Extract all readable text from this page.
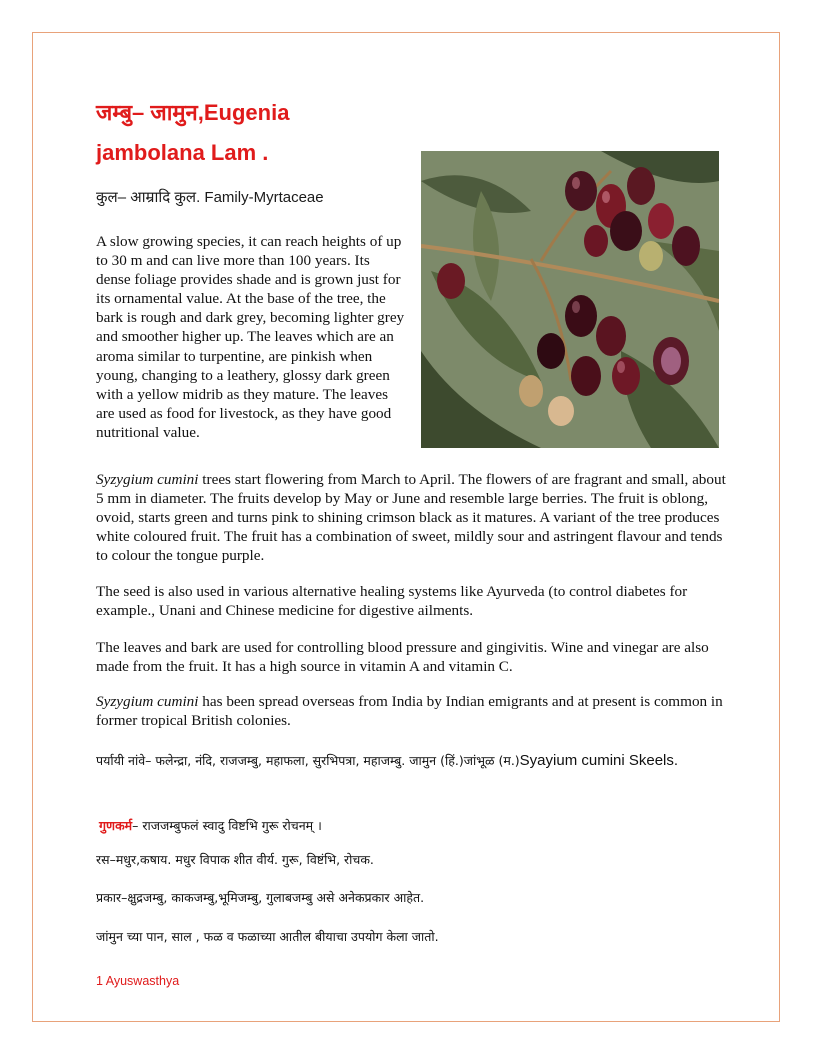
जम्बु– जामुन,Eugenia
jambolana Lam .
कुल– आम्रादि कुल. Family-Myrtaceae

A slow growing species, it can reach heights of up to 30 m and can live more than 100 years. Its dense foliage provides shade and is grown just for its ornamental value. At the base of the tree, the bark is rough and dark grey, becoming lighter grey and smoother higher up. The leaves which are an aroma similar to turpentine, are pinkish when young, changing to a leathery, glossy dark green with a yellow midrib as they mature. The leaves are used as food for livestock, as they have good nutritional value.

Syzygium cumini trees start flowering from March to April. The flowers of are fragrant and small, about 5 mm in diameter. The fruits develop by May or June and resemble large berries. The fruit is oblong, ovoid, starts green and turns pink to shining crimson black as it matures. A variant of the tree produces white coloured fruit. The fruit has a combination of sweet, mildly sour and astringent flavour and tends to colour the tongue purple.

The seed is also used in various alternative healing systems like Ayurveda (to control diabetes for example., Unani and Chinese medicine for digestive ailments.

The leaves and bark are used for controlling blood pressure and gingivitis. Wine and vinegar are also made from the fruit. It has a high source in vitamin A and vitamin C.

Syzygium cumini has been spread overseas from India by Indian emigrants and at present is common in former tropical British colonies.

पर्यायी नांवे– फलेन्द्रा, नंदि, राजजम्बु, महाफला, सुरभिपत्रा, महाजम्बु. जामुन (हिं.)जांभूळ (म.)Syayium cumini Skeels.
गुणकर्म– राजजम्बुफलं स्वादु विष्टभि गुरू रोचनम् ।
रस–मधुर,कषाय. मधुर विपाक शीत वीर्य. गुरू, विष्टंभि, रोचक.
प्रकार–क्षुद्रजम्बु, काकजम्बु,भूमिजम्बु, गुलाबजम्बु असे अनेकप्रकार आहेत.
जांमुन च्या पान, साल , फळ व फळाच्या आतील बीयाचा उपयोग केला जातो.
1 Ayuswasthya
